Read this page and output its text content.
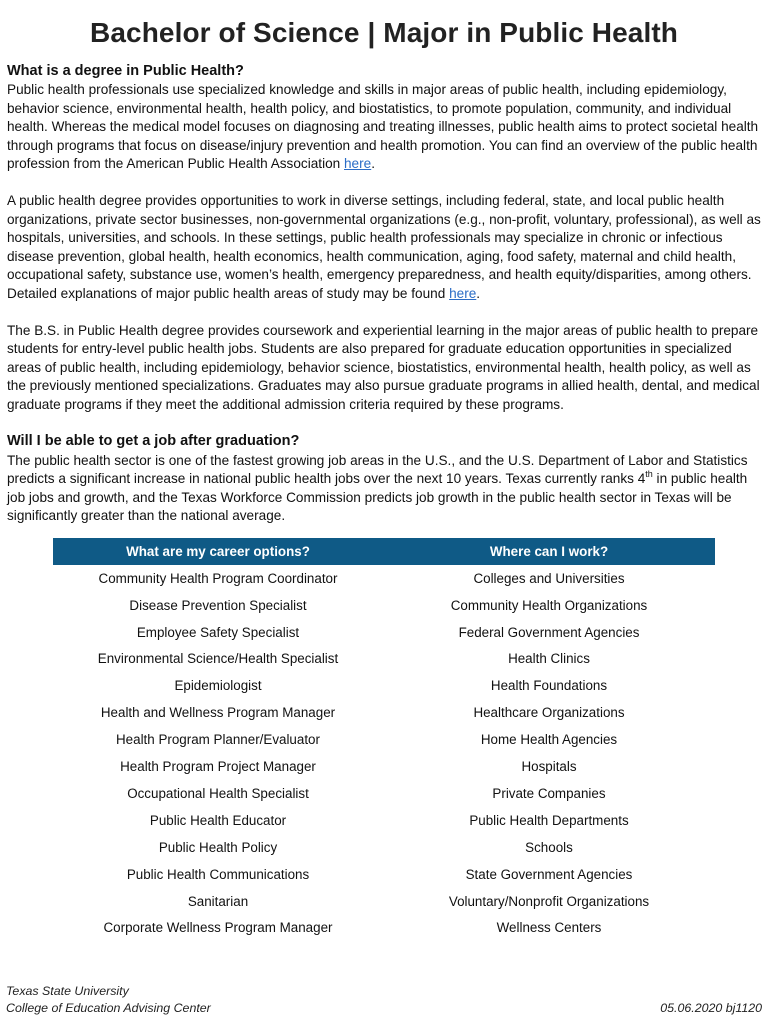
Bachelor of Science | Major in Public Health
What is a degree in Public Health?

Public health professionals use specialized knowledge and skills in major areas of public health, including epidemiology, behavior science, environmental health, health policy, and biostatistics, to promote population, community, and individual health. Whereas the medical model focuses on diagnosing and treating illnesses, public health aims to protect societal health through programs that focus on disease/injury prevention and health promotion. You can find an overview of the public health profession from the American Public Health Association here.

A public health degree provides opportunities to work in diverse settings, including federal, state, and local public health organizations, private sector businesses, non-governmental organizations (e.g., non-profit, voluntary, professional), as well as hospitals, universities, and schools. In these settings, public health professionals may specialize in chronic or infectious disease prevention, global health, health economics, health communication, aging, food safety, maternal and child health, occupational safety, substance use, women’s health, emergency preparedness, and health equity/disparities, among others. Detailed explanations of major public health areas of study may be found here.

The B.S. in Public Health degree provides coursework and experiential learning in the major areas of public health to prepare students for entry-level public health jobs. Students are also prepared for graduate education opportunities in specialized areas of public health, including epidemiology, behavior science, biostatistics, environmental health, health policy, as well as the previously mentioned specializations. Graduates may also pursue graduate programs in allied health, dental, and medical graduate programs if they meet the additional admission criteria required by these programs.

Will I be able to get a job after graduation?

The public health sector is one of the fastest growing job areas in the U.S., and the U.S. Department of Labor and Statistics predicts a significant increase in national public health jobs over the next 10 years. Texas currently ranks 4th in public health job jobs and growth, and the Texas Workforce Commission predicts job growth in the public health sector in Texas will be significantly greater than the national average.

What are my career options?	Where can I work?
Community Health Program Coordinator	Colleges and Universities
Disease Prevention Specialist	Community Health Organizations
Employee Safety Specialist	Federal Government Agencies
Environmental Science/Health Specialist	Health Clinics
Epidemiologist	Health Foundations
Health and Wellness Program Manager	Healthcare Organizations
Health Program Planner/Evaluator	Home Health Agencies
Health Program Project Manager	Hospitals
Occupational Health Specialist	Private Companies
Public Health Educator	Public Health Departments
Public Health Policy	Schools
Public Health Communications	State Government Agencies
Sanitarian	Voluntary/Nonprofit Organizations
Corporate Wellness Program Manager	Wellness Centers
Texas State University
College of Education Advising Center	05.06.2020 bj1120
